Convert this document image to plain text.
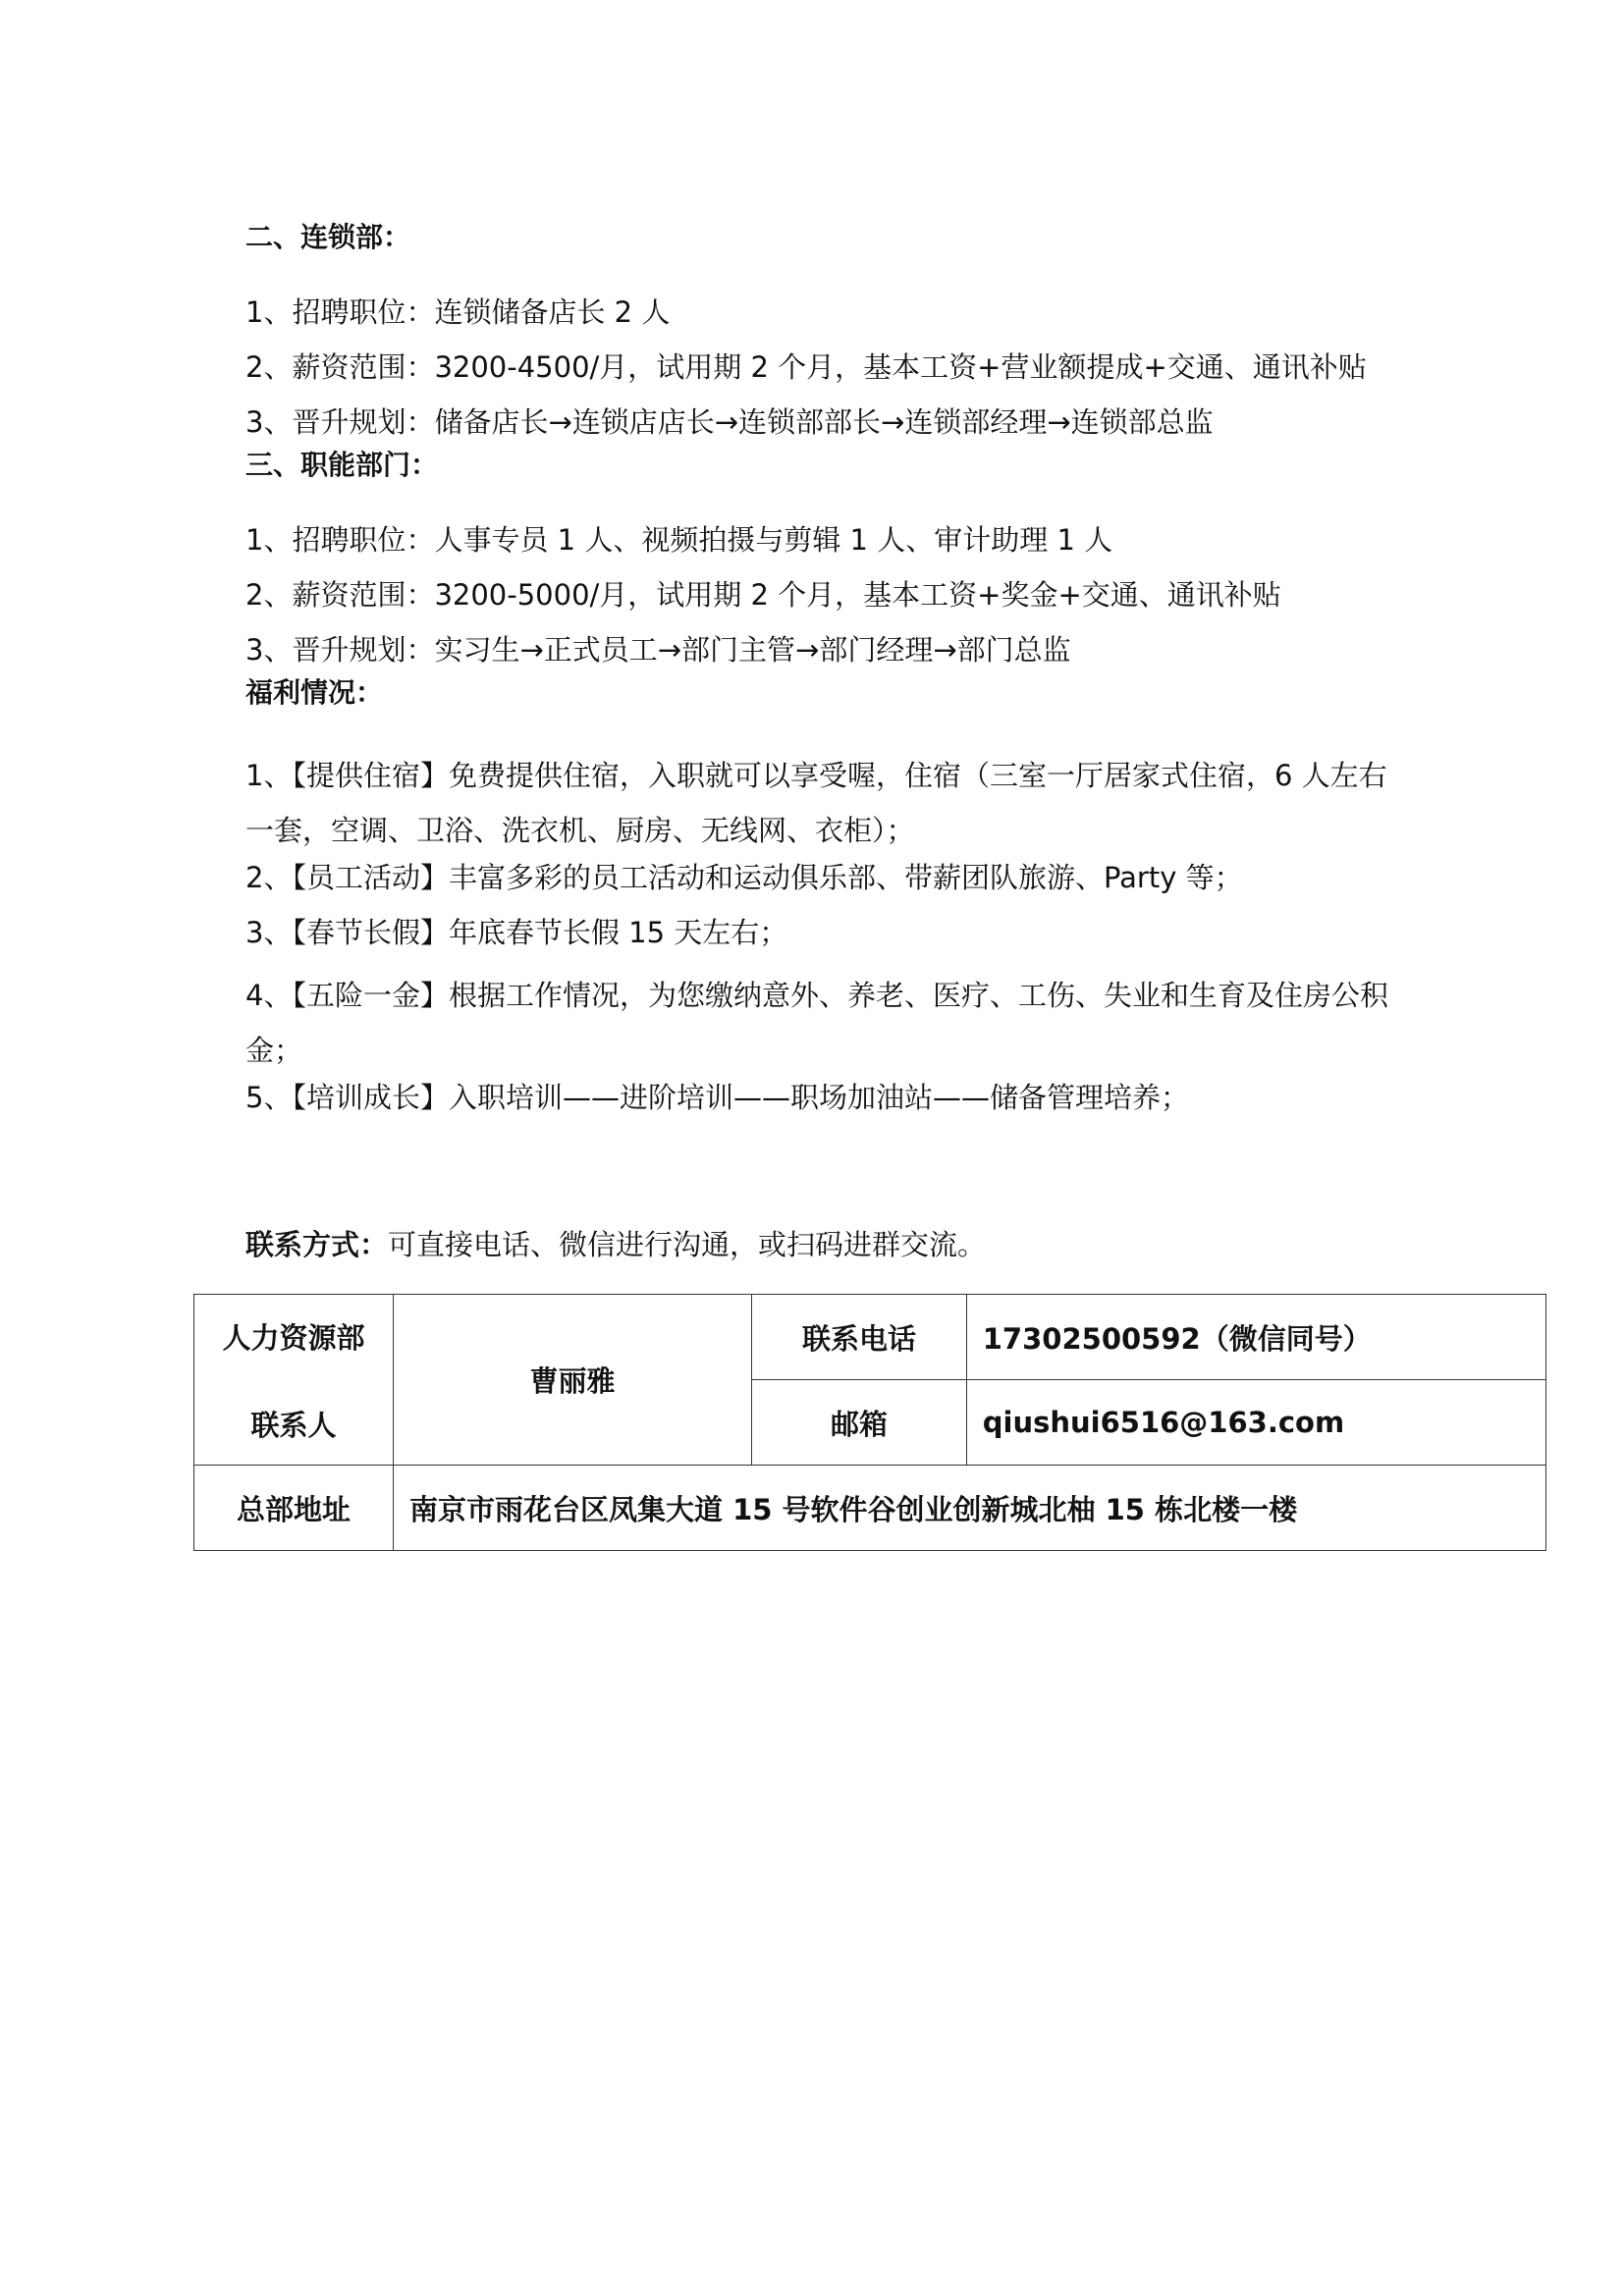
二、连锁部：
1、招聘职位：连锁储备店长 2 人
2、薪资范围：3200-4500/月，试用期 2 个月，基本工资+营业额提成+交通、通讯补贴
3、晋升规划：储备店长→连锁店店长→连锁部部长→连锁部经理→连锁部总监
三、职能部门：
1、招聘职位：人事专员 1 人、视频拍摄与剪辑 1 人、审计助理 1 人
2、薪资范围：3200-5000/月，试用期 2 个月，基本工资+奖金+交通、通讯补贴
3、晋升规划：实习生→正式员工→部门主管→部门经理→部门总监
福利情况：
1、【提供住宿】免费提供住宿，入职就可以享受喔，住宿（三室一厅居家式住宿，6 人左右一套，空调、卫浴、洗衣机、厨房、无线网、衣柜）；
2、【员工活动】丰富多彩的员工活动和运动俱乐部、带薪团队旅游、Party 等；
3、【春节长假】年底春节长假 15 天左右；
4、【五险一金】根据工作情况，为您缴纳意外、养老、医疗、工伤、失业和生育及住房公积金；
5、【培训成长】入职培训——进阶培训——职场加油站——储备管理培养；
联系方式：可直接电话、微信进行沟通，或扫码进群交流。
人力资源部
联系人	曹丽雅	联系电话	17302500592（微信同号）
		邮箱	qiushui6516@163.com
总部地址	南京市雨花台区凤集大道 15 号软件谷创业创新城北柚 15 栋北楼一楼		
